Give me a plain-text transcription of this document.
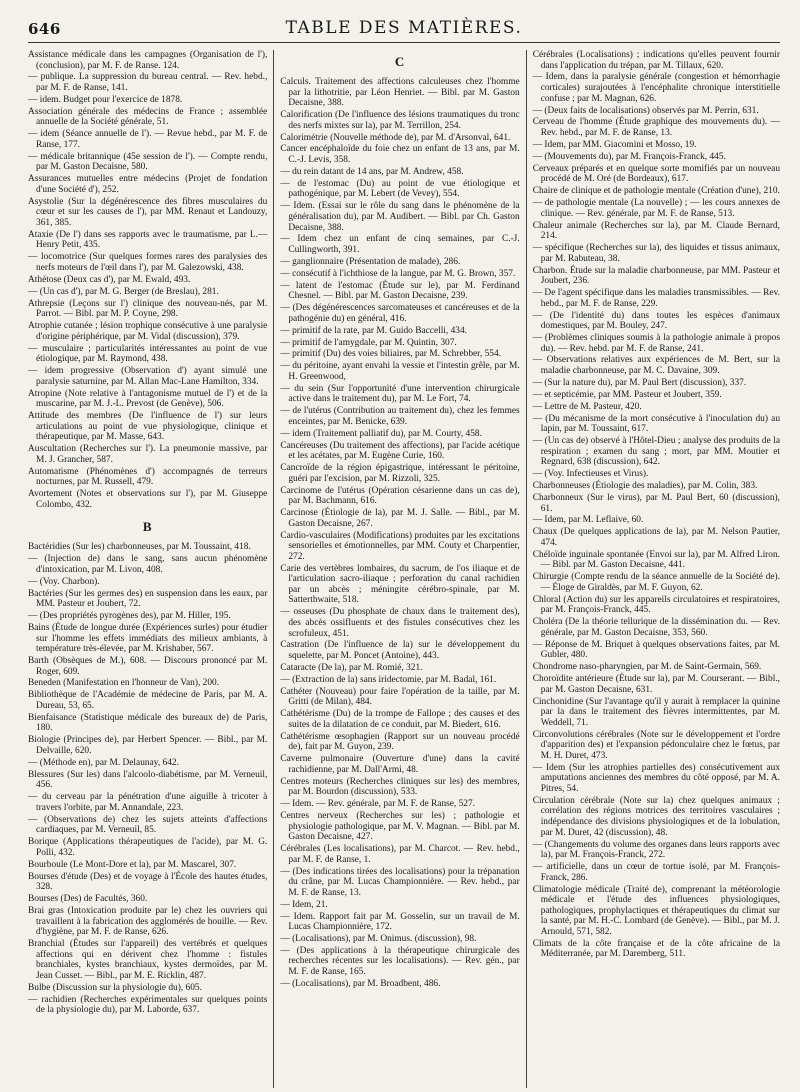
646	TABLE DES MATIÈRES.

Assistance médicale dans les campagnes (Organisation de l'), (conclusion), par M. F. de Ranse. 124.

— publique. La suppression du bureau central. — Rev. hebd., par M. F. de Ranse, 141.

— idem. Budget pour l'exercice de 1878.

Association générale des médecins de France ; assemblée annuelle de la Société générale, 51.

— idem (Séance annuelle de l'). — Revue hebd., par M. F. de Ranse, 177.

— médicale britannique (45e session de l'). — Compte rendu, par M. Gaston Decaisne, 580.

Assurances mutuelles entre médecins (Projet de fondation d'une Société d'), 252.

Asystolie (Sur la dégénérescence des fibres musculaires du cœur et sur les causes de l'), par MM. Renaut et Landouzy, 361, 385.

Ataxie (De l') dans ses rapports avec le traumatisme, par L.—Henry Petit, 435.

— locomotrice (Sur quelques formes rares des paralysies des nerfs moteurs de l'œil dans l'), par M. Galezowski, 438.

Athétose (Deux cas d'), par M. Ewald, 493.

— (Un cas d'), par M. G. Berger (de Breslau), 281.

Athrepsie (Leçons sur l') clinique des nouveau-nés, par M. Parrot. — Bibl. par M. P. Coyne, 298.

Atrophie cutanée ; lésion trophique consécutive à une paralysie d'origine périphérique, par M. Vidal (discussion), 379.

— musculaire ; particularités intéressantes au point de vue étiologique, par M. Raymond, 438.

— idem progressive (Observation d') ayant simulé une paralysie saturnine, par M. Allan Mac-Lane Hamilton, 334.

Atropine (Note relative à l'antagonisme mutuel de l') et de la muscarine, par M. J.-L. Prevost (de Genève), 506.

Attitude des membres (De l'influence de l') sur leurs articulations au point de vue physiologique, clinique et thérapeutique, par M. Masse, 643.

Auscultation (Recherches sur l'). La pneumonie massive, par M. J. Grancher, 587.

Automatisme (Phénomènes d') accompagnés de terreurs nocturnes, par M. Russell, 479.

Avortement (Notes et observations sur l'), par M. Giuseppe Colombo, 432.

B

Bactéridies (Sur les) charbonneuses, par M. Toussaint, 418.

— (Injection de) dans le sang, sans aucun phénomène d'intoxication, par M. Livon, 408.

— (Voy. Charbon).

Bactéries (Sur les germes des) en suspension dans les eaux, par MM. Pasteur et Joubert, 72.

— (Des propriétés pyrogènes des), par M. Hiller, 195.

Bains (Étude de longue durée (Expériences surles) pour étudier sur l'homme les effets immédiats des milieux ambiants, à température très-élevée, par M. Krishaber, 567.

Barth (Obsèques de M.), 608. — Discours prononcé par M. Roger, 609.

Beneden (Manifestation en l'honneur de Van), 200.

Bibliothèque de l'Académie de médecine de Paris, par M. A. Dureau, 53, 65.

Bienfaisance (Statistique médicale des bureaux de) de Paris, 180.

Biologie (Principes de), par Herbert Spencer. — Bibl., par M. Delvaille, 620.

— (Méthode en), par M. Delaunay, 642.

Blessures (Sur les) dans l'alcoolo-diabétisme, par M. Verneuil, 456.

— du cerveau par la pénétration d'une aiguille à tricoter à travers l'orbite, par M. Annandale, 223.

— (Observations de) chez les sujets atteints d'affections cardiaques, par M. Verneuil, 85.

Borique (Applications thérapeutiques de l'acide), par M. G. Polli, 432.

Bourboule (Le Mont-Dore et la), par M. Mascarel, 307.

Bourses d'étude (Des) et de voyage à l'École des hautes études, 328.

Bourses (Des) de Facultés, 360.

Brai gras (Intoxication produite par le) chez les ouvriers qui travaillent à la fabrication des agglomérés de houille. — Rev. d'hygiène, par M. F. de Ranse, 626.

Branchial (Études sur l'appareil) des vertébrés et quelques affections qui en dérivent chez l'homme : fistules branchiales, kystes branchiaux, kystes dermoïdes, par M. Jean Cusset. — Bibl., par M. E. Ricklin, 487.

Bulbe (Discussion sur la physiologie du), 605.

— rachidien (Recherches expérimentales sur quelques points de la physiologie du), par M. Laborde, 637.

C

Calculs. Traitement des affections calculeuses chez l'homme par la lithotritie, par Léon Henriet. — Bibl. par M. Gaston Decaisne, 388.

Calorification (De l'influence des lésions traumatiques du tronc des nerfs mixtes sur la), par M. Terrillon, 254.

Calorimétrie (Nouvelle méthode de), par M. d'Arsonval, 641.

Cancer encéphaloïde du foie chez un enfant de 13 ans, par M. C.-J. Levis, 358.

— du rein datant de 14 ans, par M. Andrew, 458.

— de l'estomac (Du) au point de vue étiologique et pathogénique, par M. Lebert (de Vevey), 554.

— Idem. (Essai sur le rôle du sang dans le phénomène de la généralisation du), par M. Audibert. — Bibl. par Ch. Gaston Decaisne, 388.

— Idem chez un enfant de cinq semaines, par C.-J. Cullingworth, 391.

— ganglionnaire (Présentation de malade), 286.

— consécutif à l'ichthiose de la langue, par M. G. Brown, 357.

— latent de l'estomac (Étude sur le), par M. Ferdinand Chesnel. — Bibl. par M. Gaston Decaisne, 239.

— (Des dégénérescences sarcomateuses et cancéreuses et de la pathogénie du) en général, 416.

— primitif de la rate, par M. Guido Baccelli, 434.

— primitif de l'amygdale, par M. Quintin, 307.

— primitif (Du) des voies biliaires, par M. Schrebber, 554.

— du péritoine, ayant envahi la vessie et l'intestin grêle, par M. H. Greenwood,

— du sein (Sur l'opportunité d'une intervention chirurgicale active dans le traitement du), par M. Le Fort, 74.

— de l'utérus (Contribution au traitement du), chez les femmes enceintes, par M. Benicke, 639.

— idem (Traitement palliatif du), par M. Courty, 458.

Cancéreuses (Du traitement des affections), par l'acide acétique et les acétates, par M. Eugène Curie, 160.

Cancroïde de la région épigastrique, intéressant le péritoine, guéri par l'excision, par M. Rizzoli, 325.

Carcinome de l'utérus (Opération césarienne dans un cas de), par M. Bachmann, 616.

Carcinose (Étiologie de la), par M. J. Salle. — Bibl., par M. Gaston Decaisne, 267.

Cardio-vasculaires (Modifications) produites par les excitations sensorielles et émotionnelles, par MM. Couty et Charpentier, 272.

Carie des vertèbres lombaires, du sacrum, de l'os iliaque et de l'articulation sacro-iliaque ; perforation du canal rachidien par un abcès ; méningite cérébro-spinale, par M. Satterthwaite, 518.

— osseuses (Du phosphate de chaux dans le traitement des), des abcès ossifluents et des fistules consécutives chez les scrofuleux, 451.

Castration (De l'influence de la) sur le développement du squelette, par M. Poncet (Antoine), 443.

Cataracte (De la), par M. Romié, 321.

— (Extraction de la) sans iridectomie, par M. Badal, 161.

Cathéter (Nouveau) pour faire l'opération de la taille, par M. Gritti (de Milan), 484.

Cathétérisme (Du) de la trompe de Fallope ; des causes et des suites de la dilatation de ce conduit, par M. Biedert, 616.

Cathétérisme œsophagien (Rapport sur un nouveau procédé de), fait par M. Guyon, 239.

Caverne pulmonaire (Ouverture d'une) dans la cavité rachidienne, par M. Dall'Armi, 48.

Centres moteurs (Recherches cliniques sur les) des membres, par M. Bourdon (discussion), 533.

— Idem. — Rev. générale, par M. F. de Ranse, 527.

Centres nerveux (Recherches sur les) ; pathologie et physiologie pathologique, par M. V. Magnan. — Bibl. par M. Gaston Decaisne, 427.

Cérébrales (Les localisations), par M. Charcot. — Rev. hebd., par M. F. de Ranse, 1.

— (Des indications tirées des localisations) pour la trépanation du crâne, par M. Lucas Championnière. — Rev. hebd., par M. F. de Ranse, 13.

— Idem, 21.

— Idem. Rapport fait par M. Gosselin, sur un travail de M. Lucas Championnière, 172.

— (Localisations), par M. Onimus. (discussion), 98.

— (Des applications à la thérapeutique chirurgicale des recherches récentes sur les localisations). — Rev. gén., par M. F. de Ranse, 165.

— (Localisations), par M. Broadbent, 486.

Cérébrales (Localisations) ; indications qu'elles peuvent fournir dans l'application du trépan, par M. Tillaux, 620.

— Idem, dans la paralysie générale (congestion et hémorrhagie corticales) surajoutées à l'encéphalite chronique interstitielle confuse ; par M. Magnan, 626.

— (Deux faits de localisations) observés par M. Perrin, 631.

Cerveau de l'homme (Étude graphique des mouvements du). — Rev. hebd., par M. F. de Ranse, 13.

— Idem, par MM. Giacomini et Mosso, 19.

— (Mouvements du), par M. François-Franck, 445.

Cerveaux préparés et en quelque sorte momifiés par un nouveau procédé de M. Oré (de Bordeaux), 617.

Chaire de clinique et de pathologie mentale (Création d'une), 210.

— de pathologie mentale (La nouvelle) ; — les cours annexes de clinique. — Rev. générale, par M. F. de Ranse, 513.

Chaleur animale (Recherches sur la), par M. Claude Bernard, 214.

— spécifique (Recherches sur la), des liquides et tissus animaux, par M. Rabuteau, 38.

Charbon. Étude sur la maladie charbonneuse, par MM. Pasteur et Joubert, 236.

— De l'agent spécifique dans les maladies transmissibles. — Rev. hebd., par M. F. de Ranse, 229.

— (De l'identité du) dans toutes les espèces d'animaux domestiques, par M. Bouley, 247.

— (Problèmes cliniques soumis à la pathologie animale à propos du). — Rev. hebd. par M. F. de Ranse, 241.

— Observations relatives aux expériences de M. Bert, sur la maladie charbonneuse, par M. C. Davaine, 309.

— (Sur la nature du), par M. Paul Bert (discussion), 337.

— et septicémie, par MM. Pasteur et Joubert, 359.

— Lettre de M. Pasteur, 420.

— (Du mécanisme de la mort consécutive à l'inoculation du) au lapin, par M. Toussaint, 617.

— (Un cas de) observé à l'Hôtel-Dieu ; analyse des produits de la respiration ; examen du sang ; mort, par MM. Moutier et Regnard, 638 (discussion), 642.

— (Voy. Infectieuses et Virus).

Charbonneuses (Étiologie des maladies), par M. Colin, 383.

Charbonneux (Sur le virus), par M. Paul Bert, 60 (discussion), 61.

— Idem, par M. Leflaive, 60.

Chaux (De quelques applications de la), par M. Nelson Pautier, 474.

Chéloïde inguinale spontanée (Envoi sur la), par M. Alfred Liron. — Bibl. par M. Gaston Decaisne, 441.

Chirurgie (Compte rendu de la séance annuelle de la Société de). — Éloge de Giraldès, par M. F. Guyon, 62.

Chloral (Action du) sur les appareils circulatoires et respiratoires, par M. François-Franck, 445.

Choléra (De la théorie tellurique de la dissémination du. — Rev. générale, par M. Gaston Decaisne, 353, 560.

— Réponse de M. Briquet à quelques observations faites, par M. Gubler, 480.

Chondrome naso-pharyngien, par M. de Saint-Germain, 569.

Choroïdite antérieure (Étude sur la), par M. Courserant. — Bibl., par M. Gaston Decaisne, 631.

Cinchonidine (Sur l'avantage qu'il y aurait à remplacer la quinine par la dans le traitement des fièvres intermittentes, par M. Weddell, 71.

Circonvolutions cérébrales (Note sur le développement et l'ordre d'apparition des) et l'expansion pédonculaire chez le fœtus, par M. H. Duret, 473.

— Idem (Sur les atrophies partielles des) consécutivement aux amputations anciennes des membres du côté opposé, par M. A. Pitres, 54.

Circulation cérébrale (Note sur la) chez quelques animaux ; corrélation des régions motrices des territoires vasculaires ; indépendance des divisions physiologiques et de la lobulation, par M. Duret, 42 (discussion), 48.

— (Changements du volume des organes dans leurs rapports avec la), par M. François-Franck, 272.

— artificielle, dans un cœur de tortue isolé, par M. François-Franck, 286.

Climatologie médicale (Traité de), comprenant la météorologie médicale et l'étude des influences physiologiques, pathologiques, prophylactiques et thérapeutiques du climat sur la santé, par M. H.-C. Lombard (de Genève). — Bibl., par M. J. Arnould, 571, 582.

Climats de la côte française et de la côte africaine de la Méditerranée, par M. Daremberg, 511.
